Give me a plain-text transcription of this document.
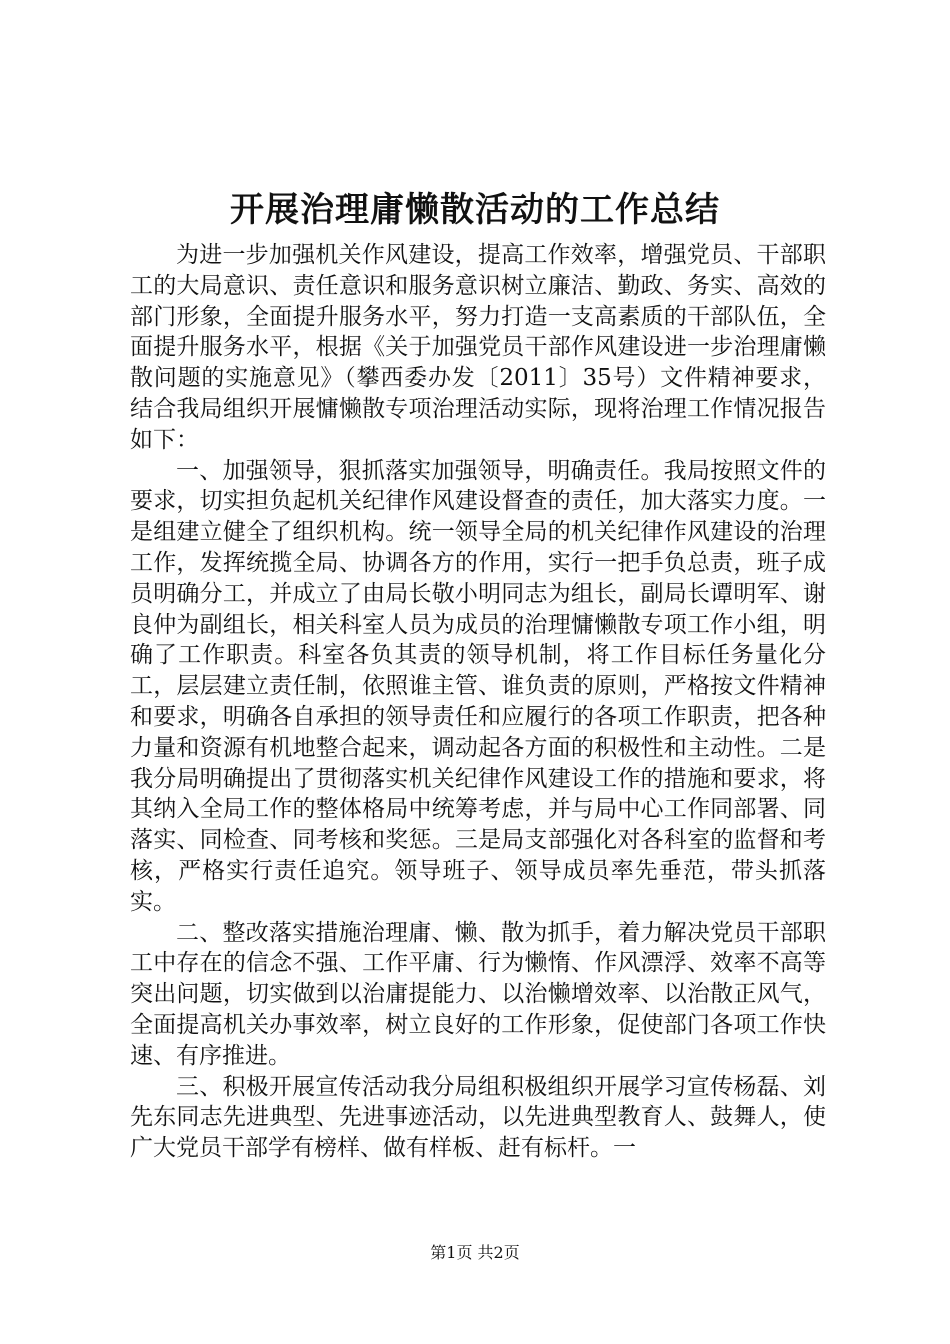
开展治理庸懒散活动的工作总结

为进一步加强机关作风建设，提高工作效率，增强党员、干部职工的大局意识、责任意识和服务意识树立廉洁、勤政、务实、高效的部门形象，全面提升服务水平，努力打造一支高素质的干部队伍，全面提升服务水平，根据《关于加强党员干部作风建设进一步治理庸懒散问题的实施意见》（攀西委办发〔2011〕35号）文件精神要求，结合我局组织开展慵懒散专项治理活动实际，现将治理工作情况报告如下：

一、加强领导，狠抓落实加强领导，明确责任。我局按照文件的要求，切实担负起机关纪律作风建设督查的责任，加大落实力度。一是组建立健全了组织机构。统一领导全局的机关纪律作风建设的治理工作，发挥统揽全局、协调各方的作用，实行一把手负总责，班子成员明确分工，并成立了由局长敬小明同志为组长，副局长谭明军、谢良仲为副组长，相关科室人员为成员的治理慵懒散专项工作小组，明确了工作职责。科室各负其责的领导机制，将工作目标任务量化分工，层层建立责任制，依照谁主管、谁负责的原则，严格按文件精神和要求，明确各自承担的领导责任和应履行的各项工作职责，把各种力量和资源有机地整合起来，调动起各方面的积极性和主动性。二是我分局明确提出了贯彻落实机关纪律作风建设工作的措施和要求，将其纳入全局工作的整体格局中统筹考虑，并与局中心工作同部署、同落实、同检查、同考核和奖惩。三是局支部强化对各科室的监督和考核，严格实行责任追究。领导班子、领导成员率先垂范，带头抓落实。

二、整改落实措施治理庸、懒、散为抓手，着力解决党员干部职工中存在的信念不强、工作平庸、行为懒惰、作风漂浮、效率不高等突出问题，切实做到以治庸提能力、以治懒增效率、以治散正风气，全面提高机关办事效率，树立良好的工作形象，促使部门各项工作快速、有序推进。

三、积极开展宣传活动我分局组积极组织开展学习宣传杨磊、刘先东同志先进典型、先进事迹活动，以先进典型教育人、鼓舞人，使广大党员干部学有榜样、做有样板、赶有标杆。一

第1页 共2页
